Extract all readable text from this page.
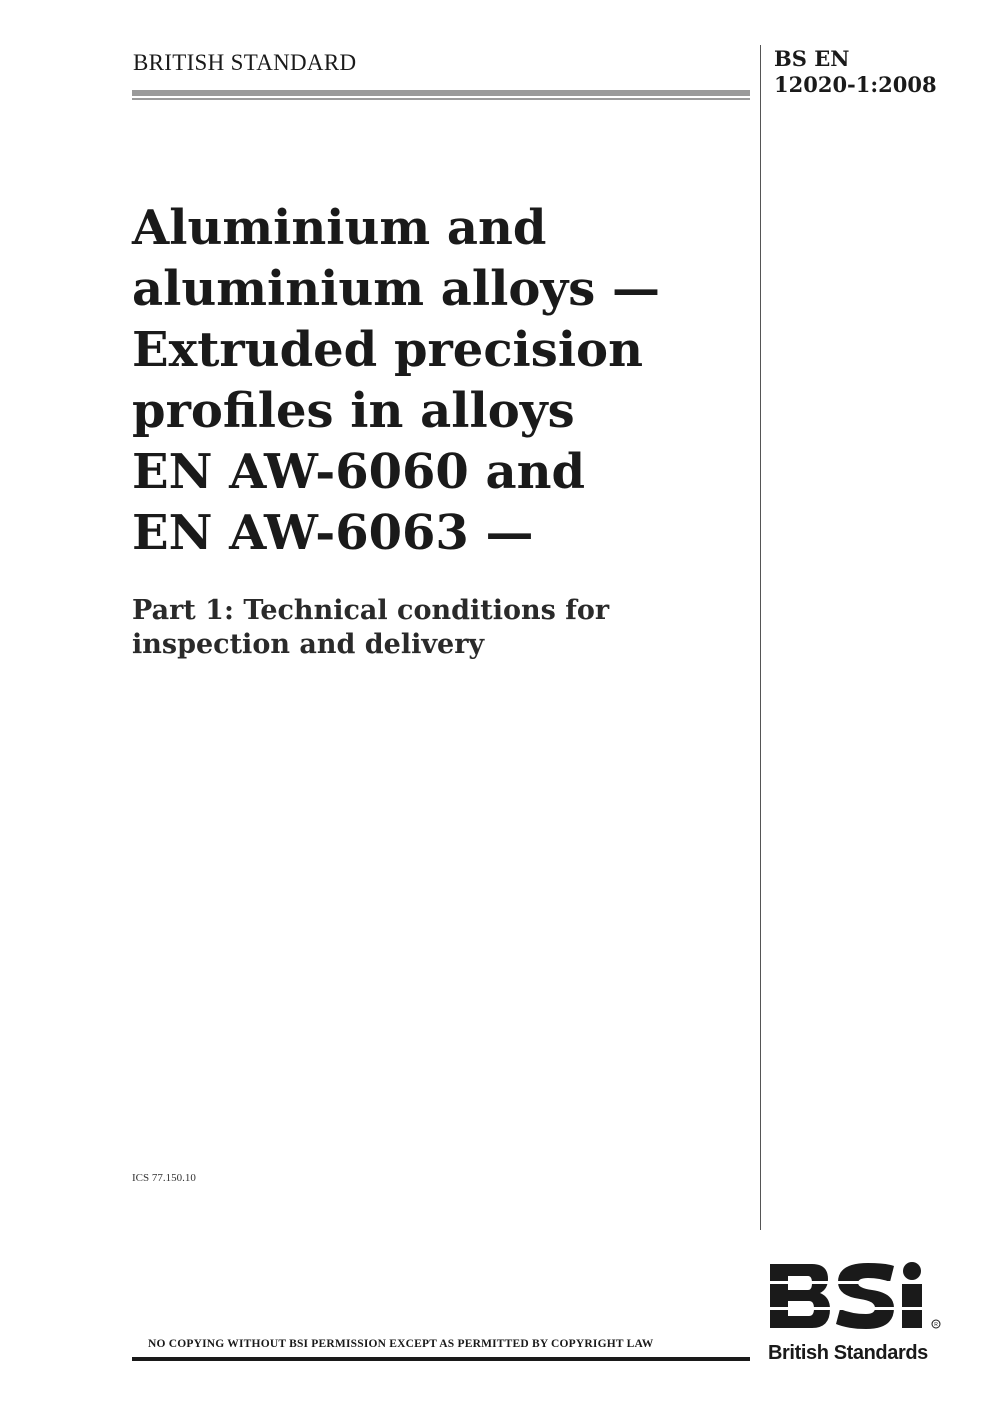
BRITISH STANDARD	BS EN
12020-1:2008
Aluminium and
aluminium alloys —
Extruded precision
profiles in alloys
EN AW-6060 and
EN AW-6063 —
Part 1: Technical conditions for
inspection and delivery
ICS 77.150.10
NO COPYING WITHOUT BSI PERMISSION EXCEPT AS PERMITTED BY COPYRIGHT LAW
R
British Standards
